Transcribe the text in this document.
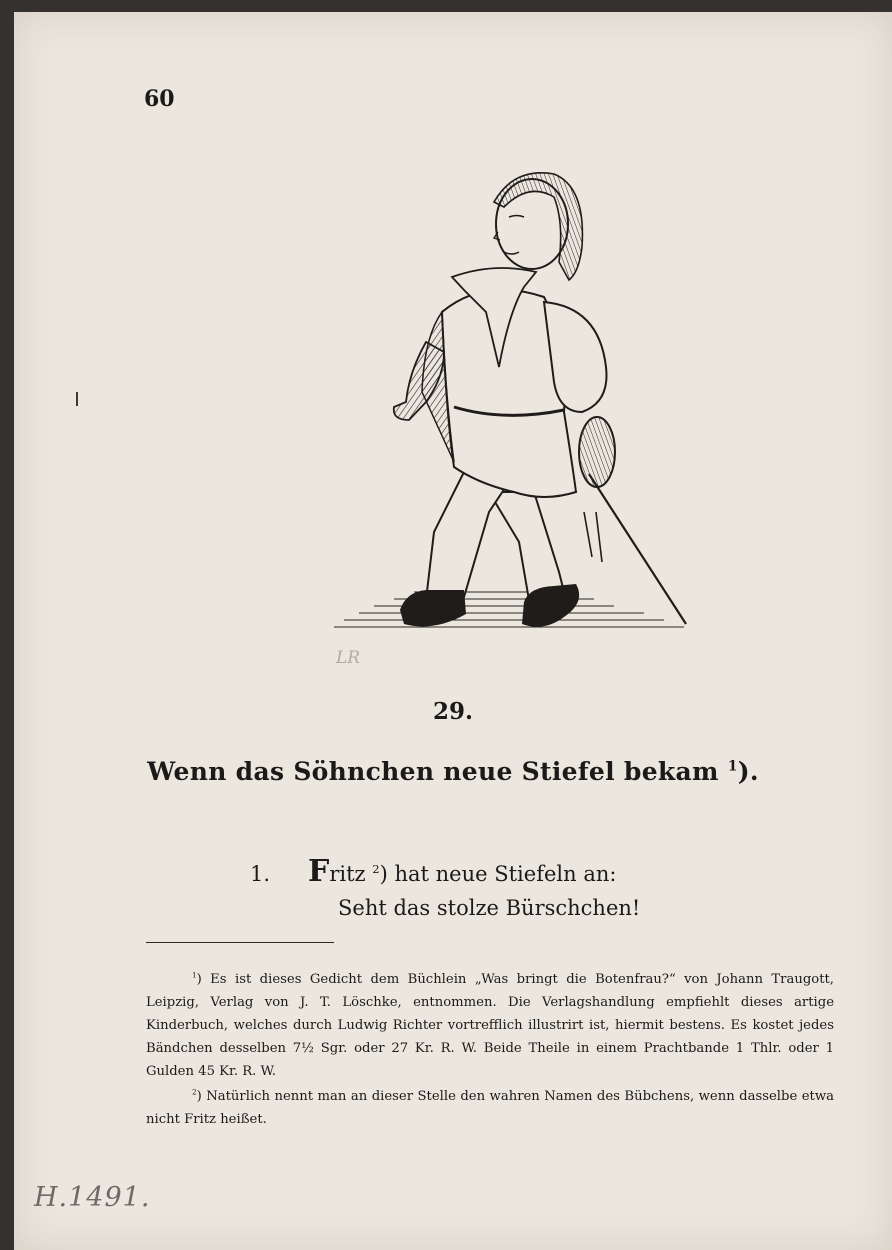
60
LR
29.
Wenn das Söhnchen neue Stiefel bekam $^1$).
1. Fritz $^2$) hat neue Stiefeln an:
Seht das stolze Bürschchen!

$^1$) Es ist dieses Gedicht dem Büchlein „Was bringt die Botenfrau?“ von Johann Traugott, Leipzig, Verlag von J. T. Löschke, entnommen. Die Verlagshandlung empfiehlt dieses artige Kinderbuch, welches durch Ludwig Richter vortrefflich illustrirt ist, hiermit bestens. Es kostet jedes Bändchen desselben 7½ Sgr. oder 27 Kr. R. W. Beide Theile in einem Prachtbande 1 Thlr. oder 1 Gulden 45 Kr. R. W.

$^2$) Natürlich nennt man an dieser Stelle den wahren Namen des Bübchens, wenn dasselbe etwa nicht Fritz heißet.

H.1491.
